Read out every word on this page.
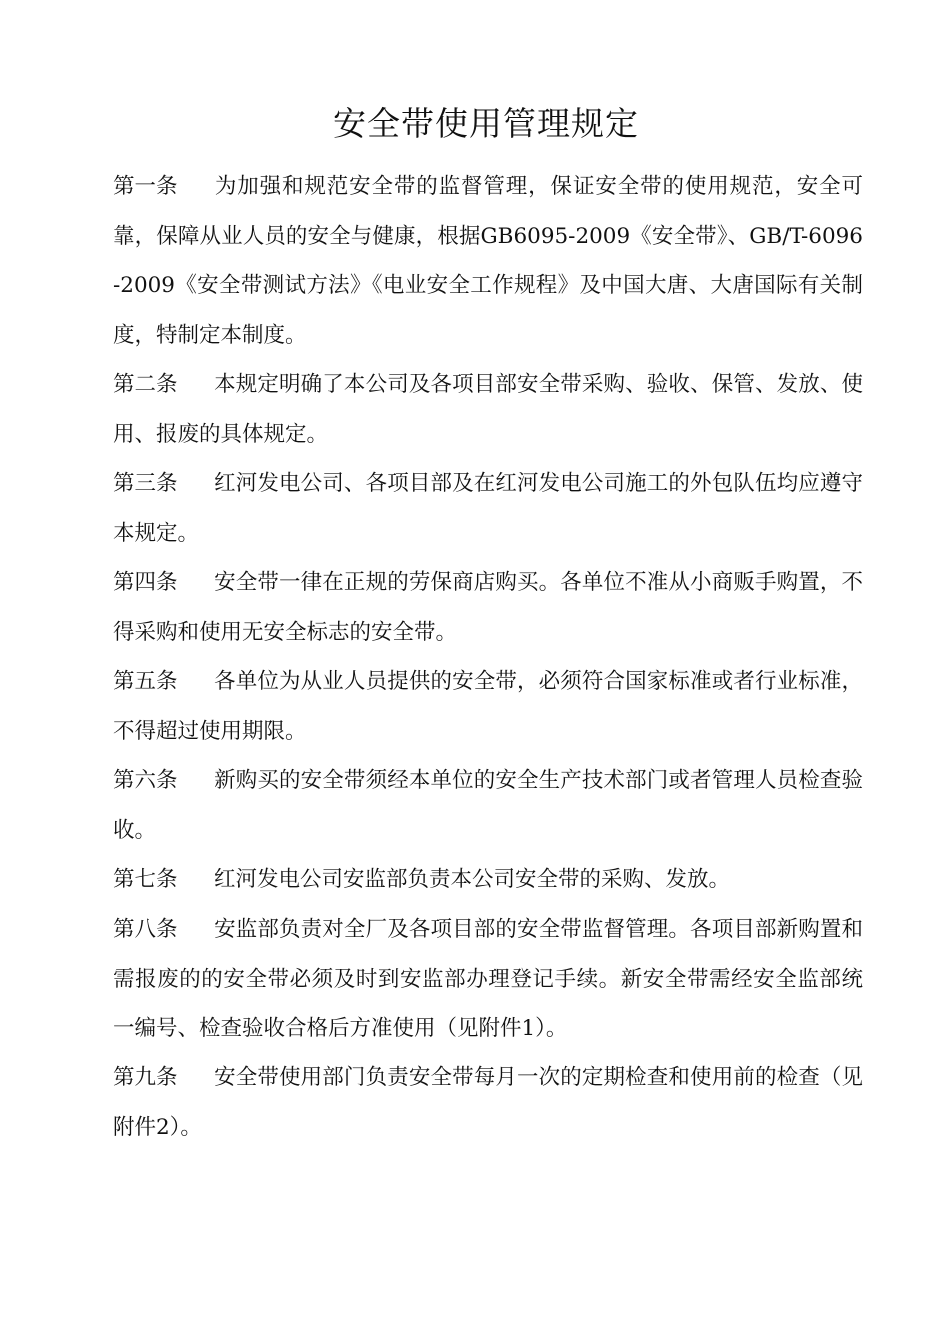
安全带使用管理规定

第一条 为加强和规范安全带的监督管理，保证安全带的使用规范，安全可靠，保障从业人员的安全与健康，根据GB6095-2009《安全带》、GB/T-6096-2009《安全带测试方法》《电业安全工作规程》及中国大唐、大唐国际有关制度，特制定本制度。

第二条 本规定明确了本公司及各项目部安全带采购、验收、保管、发放、使用、报废的具体规定。

第三条 红河发电公司、各项目部及在红河发电公司施工的外包队伍均应遵守本规定。

第四条 安全带一律在正规的劳保商店购买。各单位不准从小商贩手购置，不得采购和使用无安全标志的安全带。

第五条 各单位为从业人员提供的安全带，必须符合国家标准或者行业标准，不得超过使用期限。

第六条 新购买的安全带须经本单位的安全生产技术部门或者管理人员检查验收。

第七条 红河发电公司安监部负责本公司安全带的采购、发放。

第八条 安监部负责对全厂及各项目部的安全带监督管理。各项目部新购置和需报废的的安全带必须及时到安监部办理登记手续。新安全带需经安全监部统一编号、检查验收合格后方准使用（见附件1）。

第九条 安全带使用部门负责安全带每月一次的定期检查和使用前的检查（见附件2）。
